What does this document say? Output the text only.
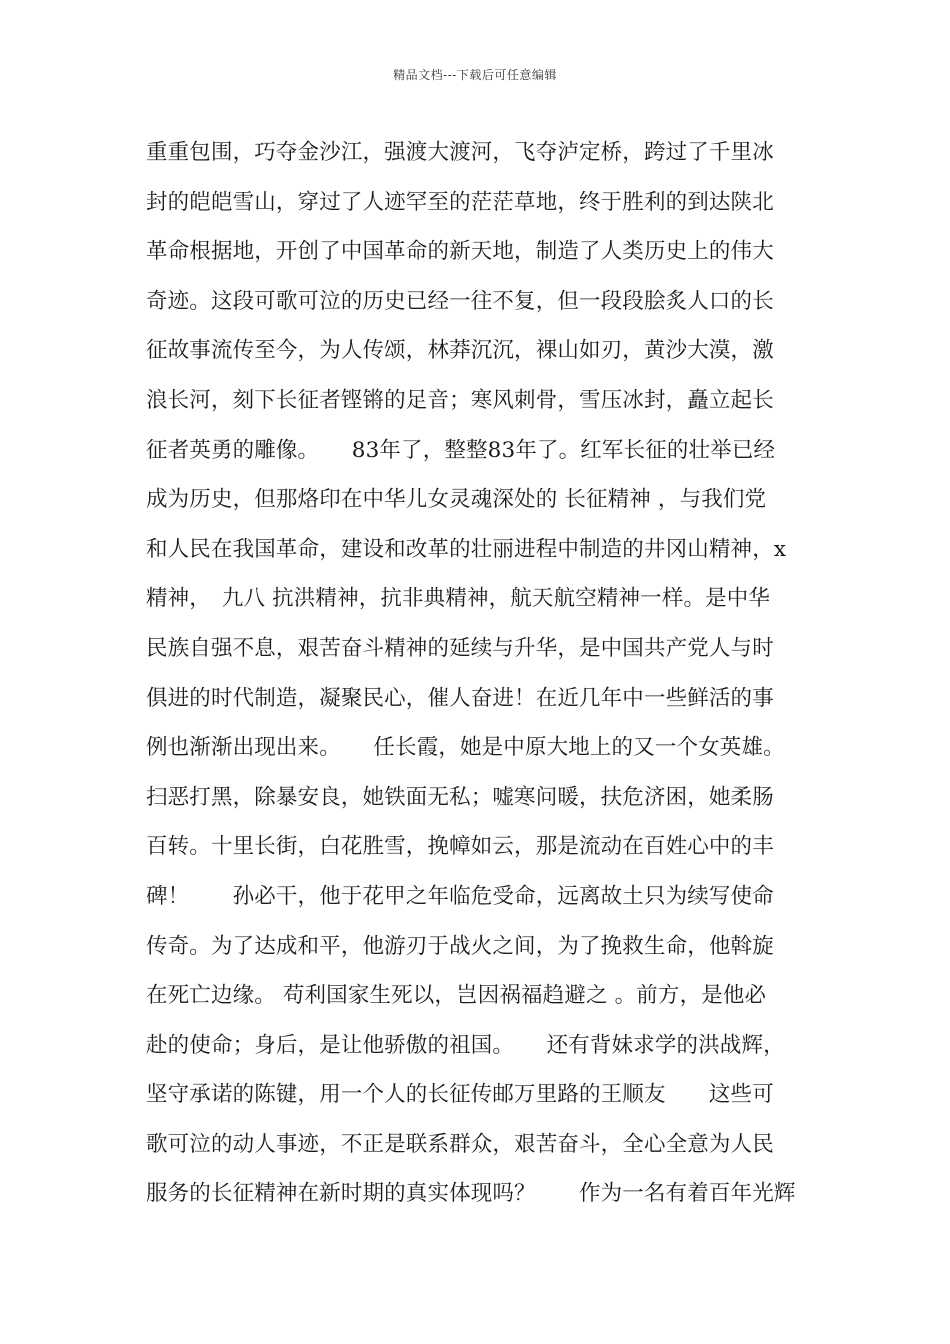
精品文档---下载后可任意编辑
重重包围，巧夺金沙江，强渡大渡河，飞夺泸定桥，跨过了千里冰
封的皑皑雪山，穿过了人迹罕至的茫茫草地，终于胜利的到达陕北
革命根据地，开创了中国革命的新天地，制造了人类历史上的伟大
奇迹。这段可歌可泣的历史已经一往不复，但一段段脍炙人口的长
征故事流传至今，为人传颂，林莽沉沉，裸山如刃，黄沙大漠，激
浪长河，刻下长征者铿锵的足音；寒风刺骨，雪压冰封，矗立起长
征者英勇的雕像。　　83年了，整整83年了。红军长征的壮举已经
成为历史，但那烙印在中华儿女灵魂深处的 长征精神 ，与我们党
和人民在我国革命，建设和改革的壮丽进程中制造的井冈山精神，x
精神，　九八 抗洪精神，抗非典精神，航天航空精神一样。是中华
民族自强不息，艰苦奋斗精神的延续与升华，是中国共产党人与时
俱进的时代制造，凝聚民心，催人奋进！在近几年中一些鲜活的事
例也渐渐出现出来。　　任长霞，她是中原大地上的又一个女英雄。
扫恶打黑，除暴安良，她铁面无私；嘘寒问暖，扶危济困，她柔肠
百转。十里长街，白花胜雪，挽幛如云，那是流动在百姓心中的丰
碑！　　孙必干，他于花甲之年临危受命，远离故土只为续写使命
传奇。为了达成和平，他游刃于战火之间，为了挽救生命，他斡旋
在死亡边缘。 苟利国家生死以，岂因祸福趋避之 。前方，是他必
赴的使命；身后，是让他骄傲的祖国。　　还有背妹求学的洪战辉，
坚守承诺的陈键，用一个人的长征传邮万里路的王顺友　　这些可
歌可泣的动人事迹，不正是联系群众，艰苦奋斗，全心全意为人民
服务的长征精神在新时期的真实体现吗？　　作为一名有着百年光辉
